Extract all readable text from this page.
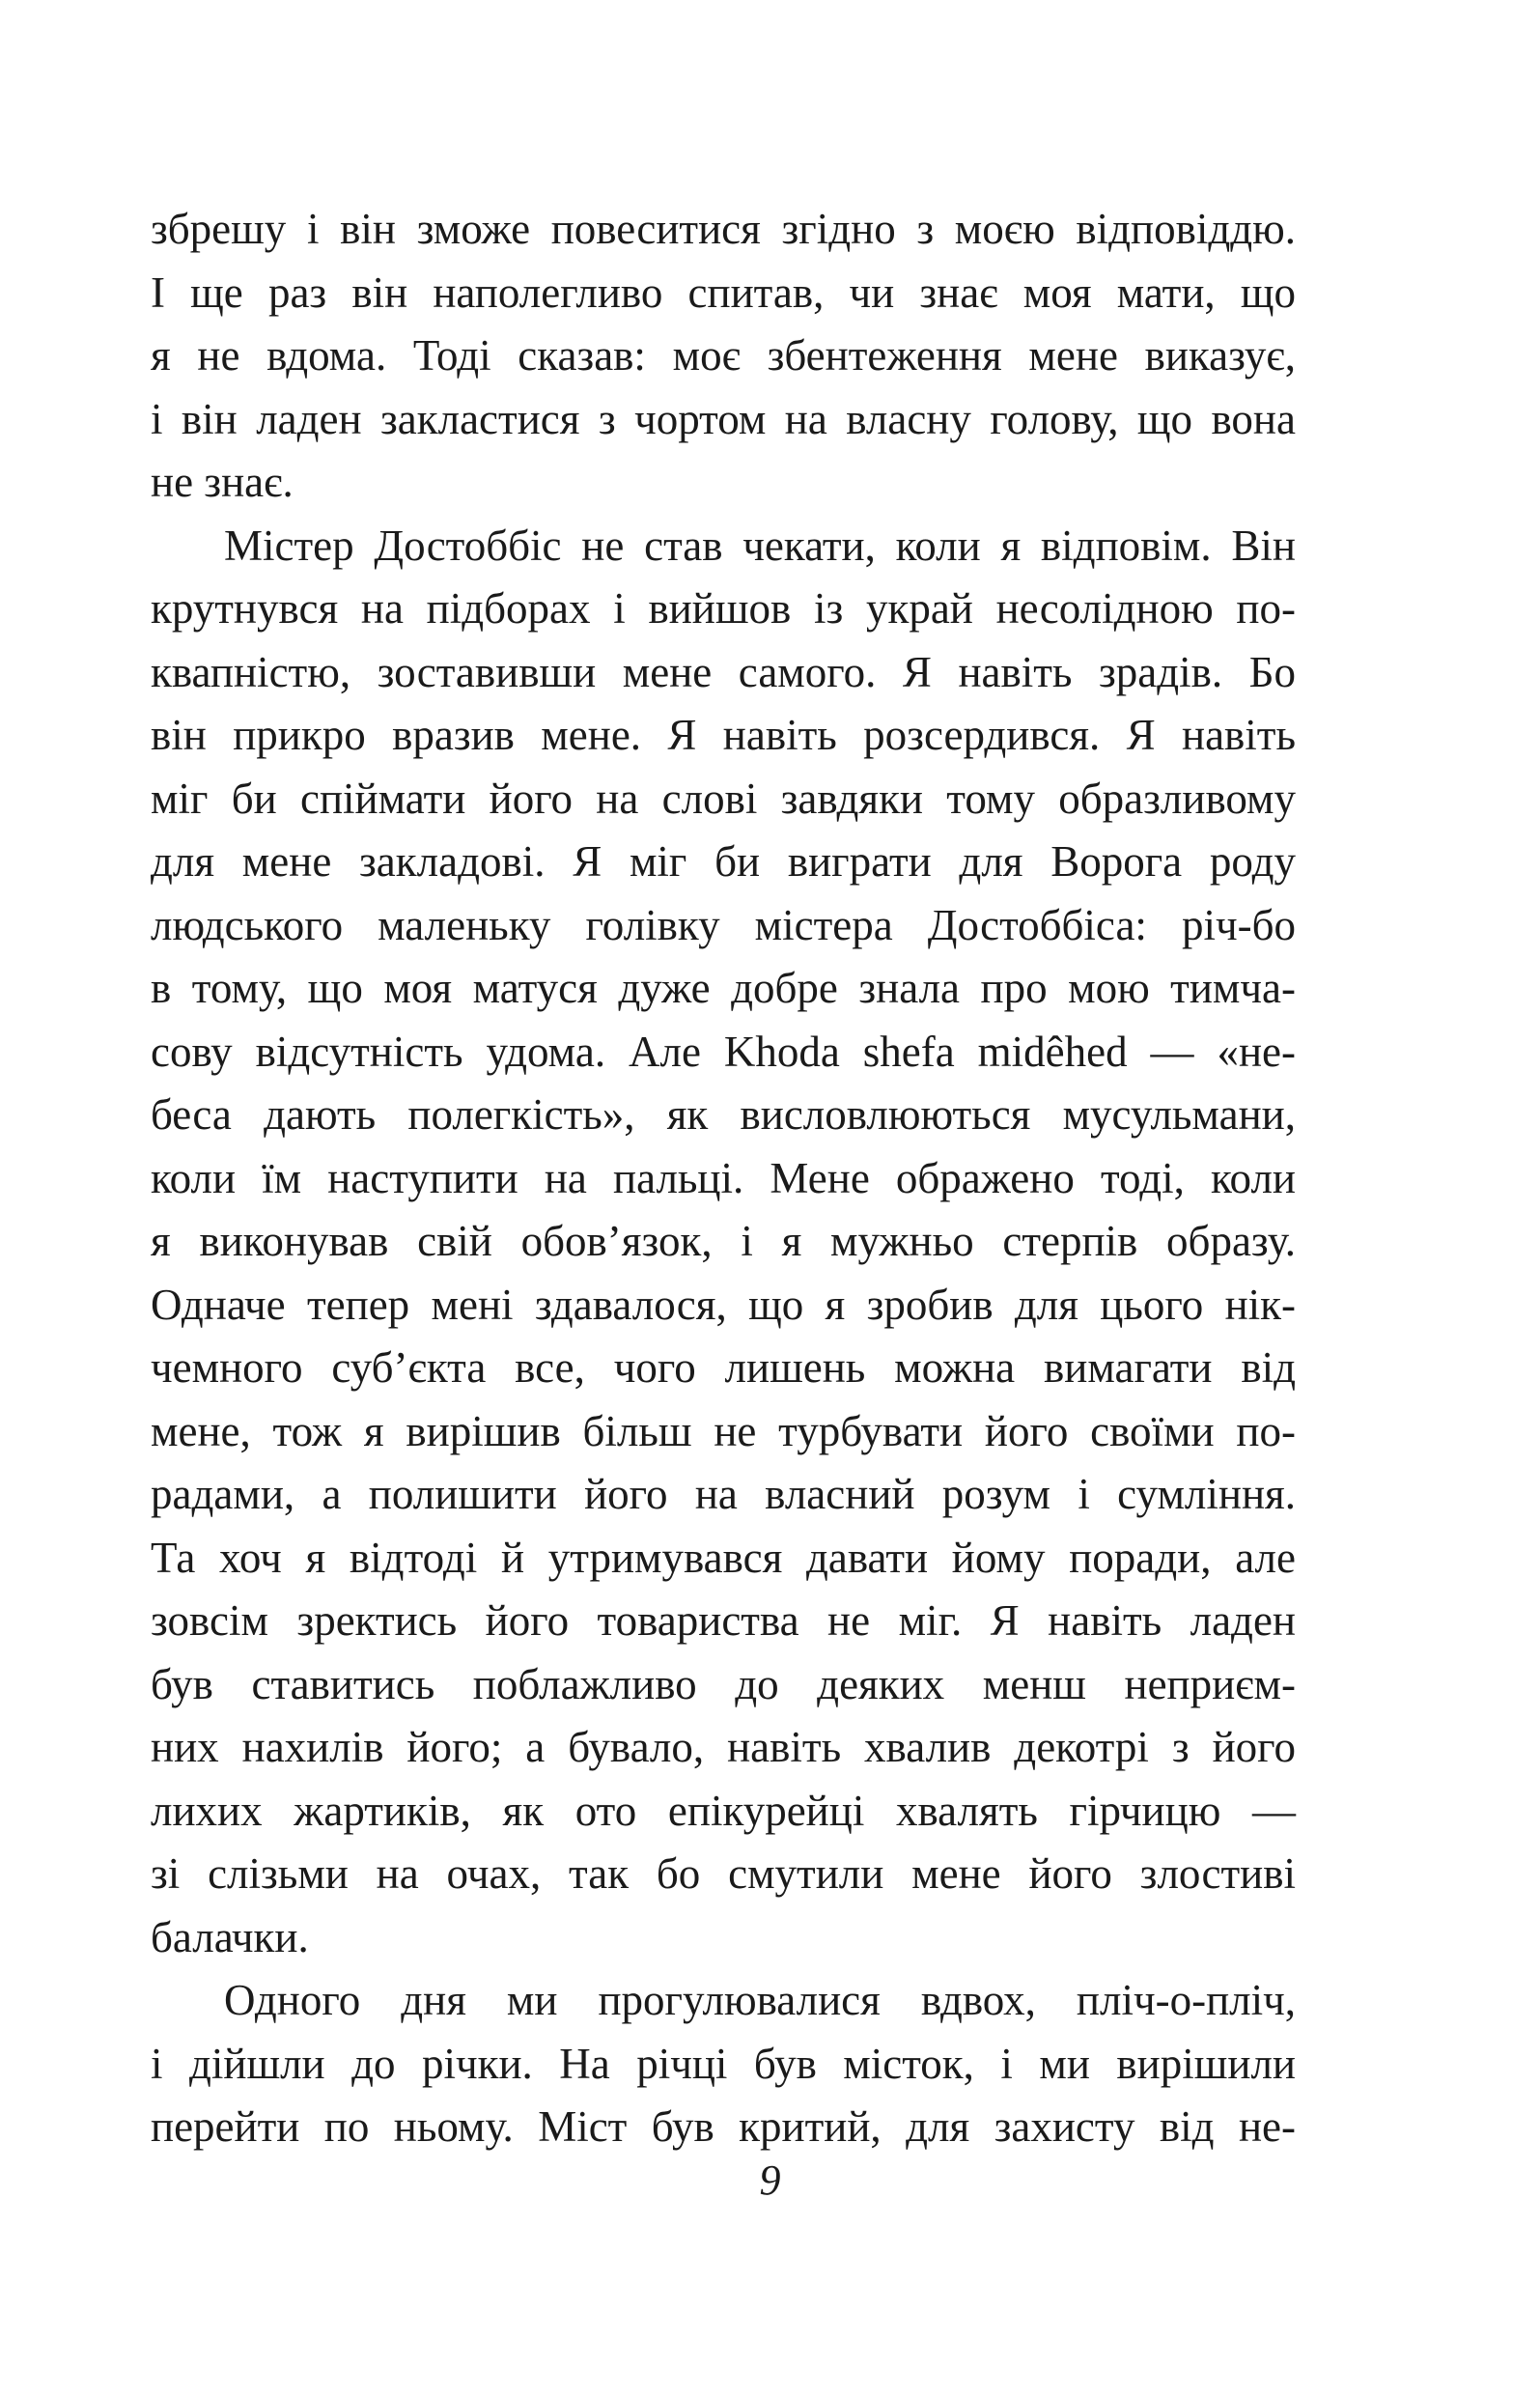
збрешу і він зможе повеситися згідно з моєю відповіддю.
І ще раз він наполегливо спитав, чи знає моя мати, що
я не вдома. Тоді сказав: моє збентеження мене виказує,
і він ладен закластися з чортом на власну голову, що вона
не знає.
Містер Достоббіс не став чекати, коли я відповім. Він
крутнувся на підборах і вийшов із украй несолідною по-
квапністю, зоставивши мене самого. Я навіть зрадів. Бо
він прикро вразив мене. Я навіть розсердився. Я навіть
міг би спіймати його на слові завдяки тому образливому
для мене закладові. Я міг би виграти для Ворога роду
людського маленьку голівку містера Достоббіса: річ-бо
в тому, що моя матуся дуже добре знала про мою тимча-
сову відсутність удома. Але Khoda shefa midêhed — «не-
беса дають полегкість», як висловлюються мусульмани,
коли їм наступити на пальці. Мене ображено тоді, коли
я виконував свій обов’язок, і я мужньо стерпів образу.
Одначе тепер мені здавалося, що я зробив для цього нік-
чемного суб’єкта все, чого лишень можна вимагати від
мене, тож я вирішив більш не турбувати його своїми по-
радами, а полишити його на власний розум і сумління.
Та хоч я відтоді й утримувався давати йому поради, але
зовсім зректись його товариства не міг. Я навіть ладен
був ставитись поблажливо до деяких менш неприєм-
них нахилів його; а бувало, навіть хвалив декотрі з його
лихих жартиків, як ото епікурейці хвалять гірчицю —
зі слізьми на очах, так бо смутили мене його злостиві
балачки.
Одного дня ми прогулювалися вдвох, пліч-о-пліч,
і дійшли до річки. На річці був місток, і ми вирішили
перейти по ньому. Міст був критий, для захисту від не-
9
